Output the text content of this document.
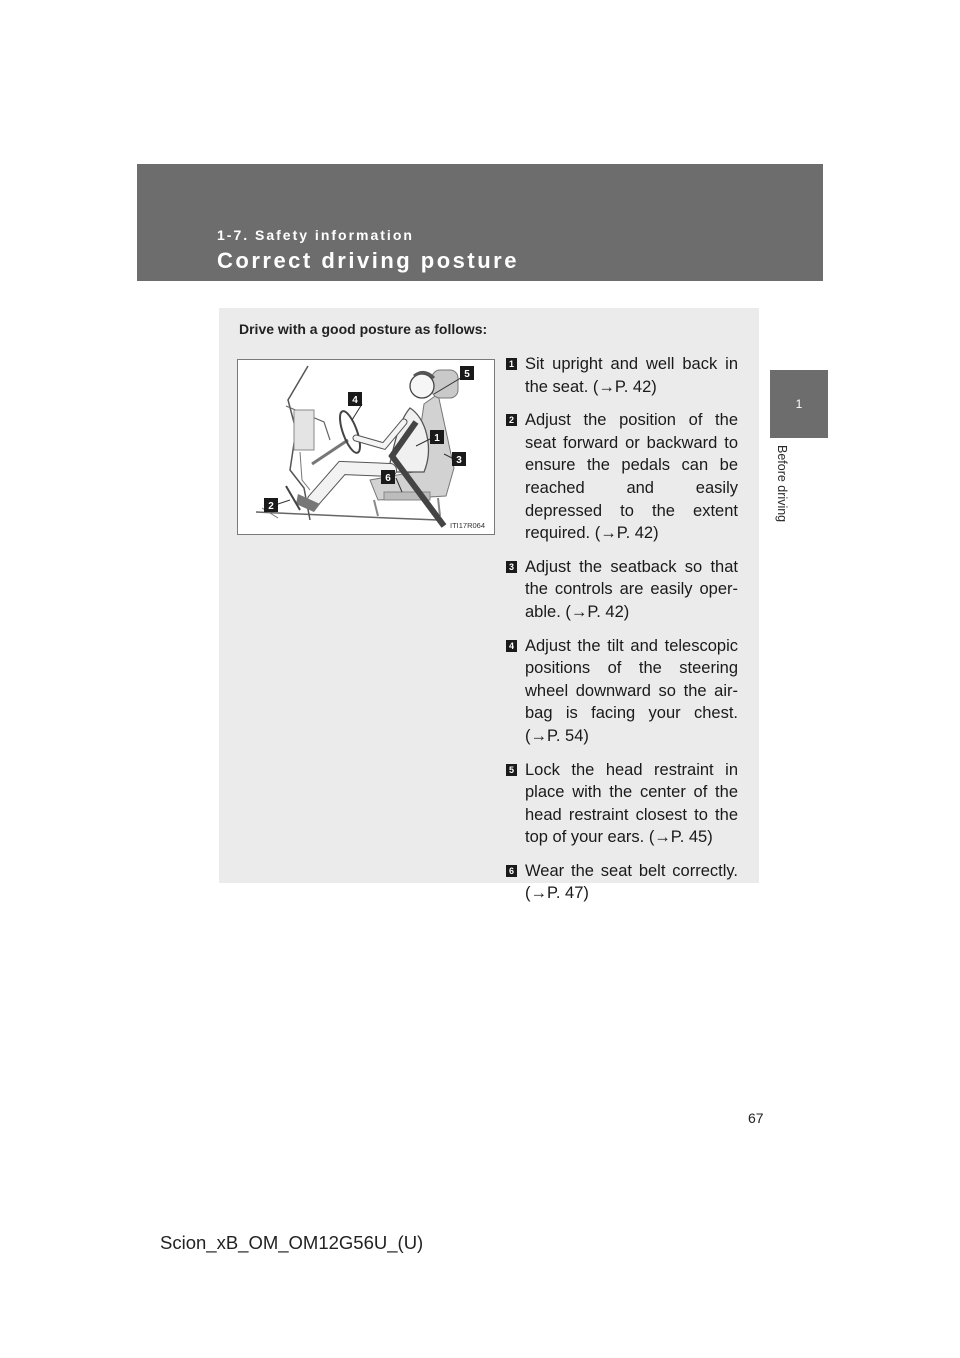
1-7. Safety information
Correct driving posture
1
Before driving
Drive with a good posture as follows:
5
4
1
3
6
2
ITI17R064
1 Sit upright and well back in the seat. (→P. 42)
2 Adjust the position of the seat forward or backward to ensure the pedals can be reached and easily depressed to the extent required. (→P. 42)
3 Adjust the seatback so that the controls are easily oper-able. (→P. 42)
4 Adjust the tilt and telescopic positions of the steering wheel downward so the air-bag is facing your chest. (→P. 54)
5 Lock the head restraint in place with the center of the head restraint closest to the top of your ears. (→P. 45)
6 Wear the seat belt correctly. (→P. 47)
67
Scion_xB_OM_OM12G56U_(U)
